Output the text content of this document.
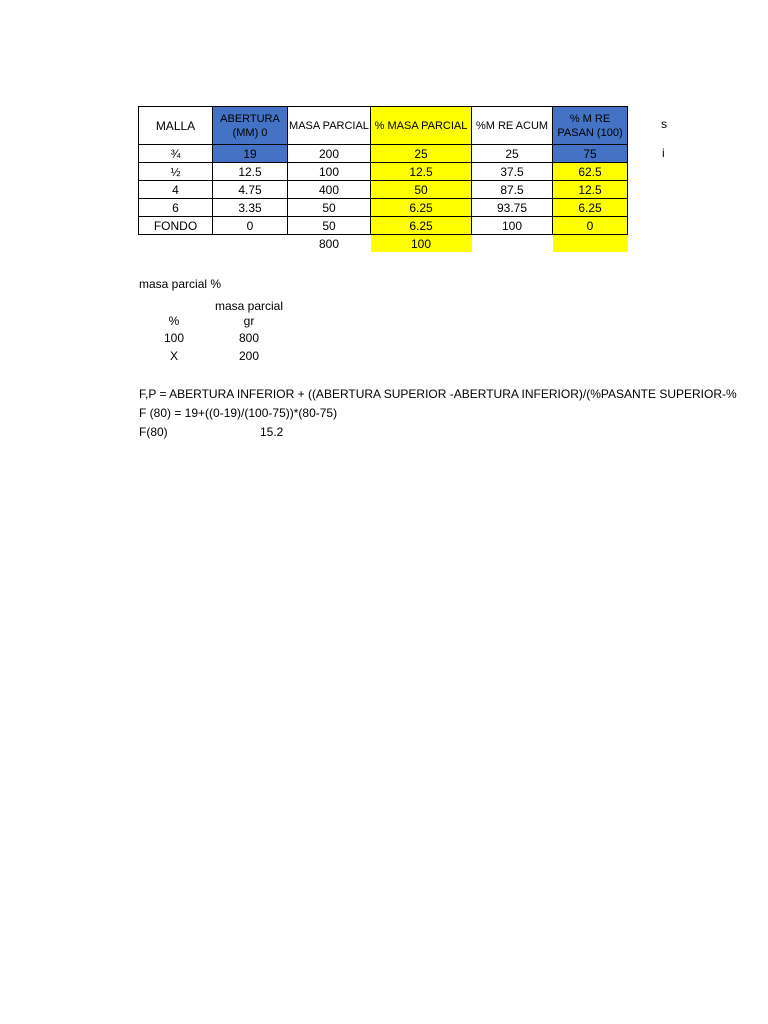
MALLA	ABERTURA (MM) 0	MASA PARCIAL	% MASA PARCIAL	%M RE ACUM	% M RE PASAN (100)
¾	19	200	25	25	75
½	12.5	100	12.5	37.5	62.5
4	4.75	400	50	87.5	12.5
6	3.35	50	6.25	93.75	6.25
FONDO	0	50	6.25	100	0
		800	100		
s
i
masa parcial %
masa parcial
%	gr
100	800
X	200
F,P = ABERTURA INFERIOR + ((ABERTURA SUPERIOR -ABERTURA INFERIOR)/(%PASANTE SUPERIOR-%
F (80) = 19+((0-19)/(100-75))*(80-75)
F(80)	15.2
